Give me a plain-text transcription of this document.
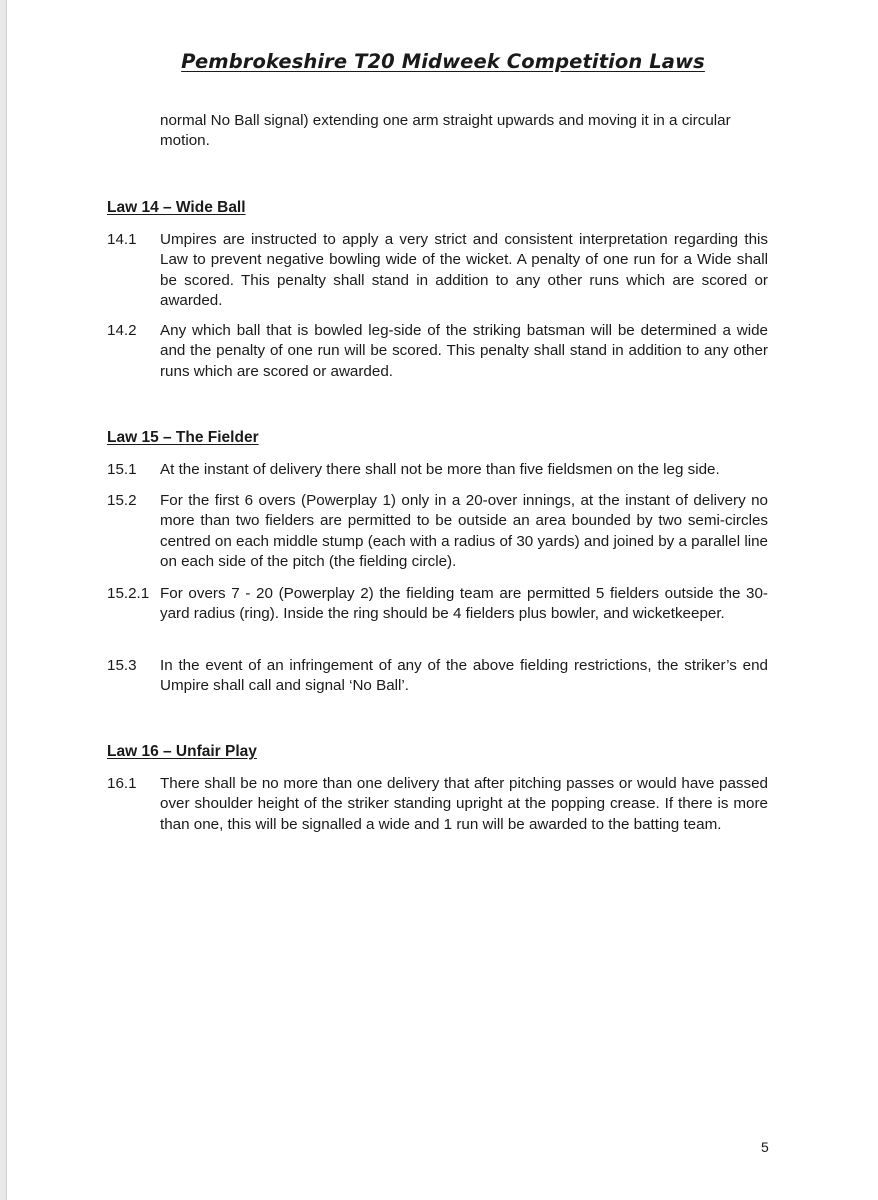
Pembrokeshire T20 Midweek Competition Laws

normal No Ball signal) extending one arm straight upwards and moving it in a circular motion.

Law 14 – Wide Ball
14.1	Umpires are instructed to apply a very strict and consistent interpretation regarding this Law to prevent negative bowling wide of the wicket. A penalty of one run for a Wide shall be scored. This penalty shall stand in addition to any other runs which are scored or awarded.
14.2	Any which ball that is bowled leg-side of the striking batsman will be determined a wide and the penalty of one run will be scored. This penalty shall stand in addition to any other runs which are scored or awarded.
Law 15 – The Fielder
15.1	At the instant of delivery there shall not be more than five fieldsmen on the leg side.
15.2	For the first 6 overs (Powerplay 1) only in a 20-over innings, at the instant of delivery no more than two fielders are permitted to be outside an area bounded by two semi-circles centred on each middle stump (each with a radius of 30 yards) and joined by a parallel line on each side of the pitch (the fielding circle).
15.2.1 For overs 7 - 20 (Powerplay 2) the fielding team are permitted 5 fielders outside the 30-yard radius (ring). Inside the ring should be 4 fielders plus bowler, and wicketkeeper.
15.3	In the event of an infringement of any of the above fielding restrictions, the striker’s end Umpire shall call and signal ‘No Ball’.
Law 16 – Unfair Play
16.1	There shall be no more than one delivery that after pitching passes or would have passed over shoulder height of the striker standing upright at the popping crease. If there is more than one, this will be signalled a wide and 1 run will be awarded to the batting team.

5
